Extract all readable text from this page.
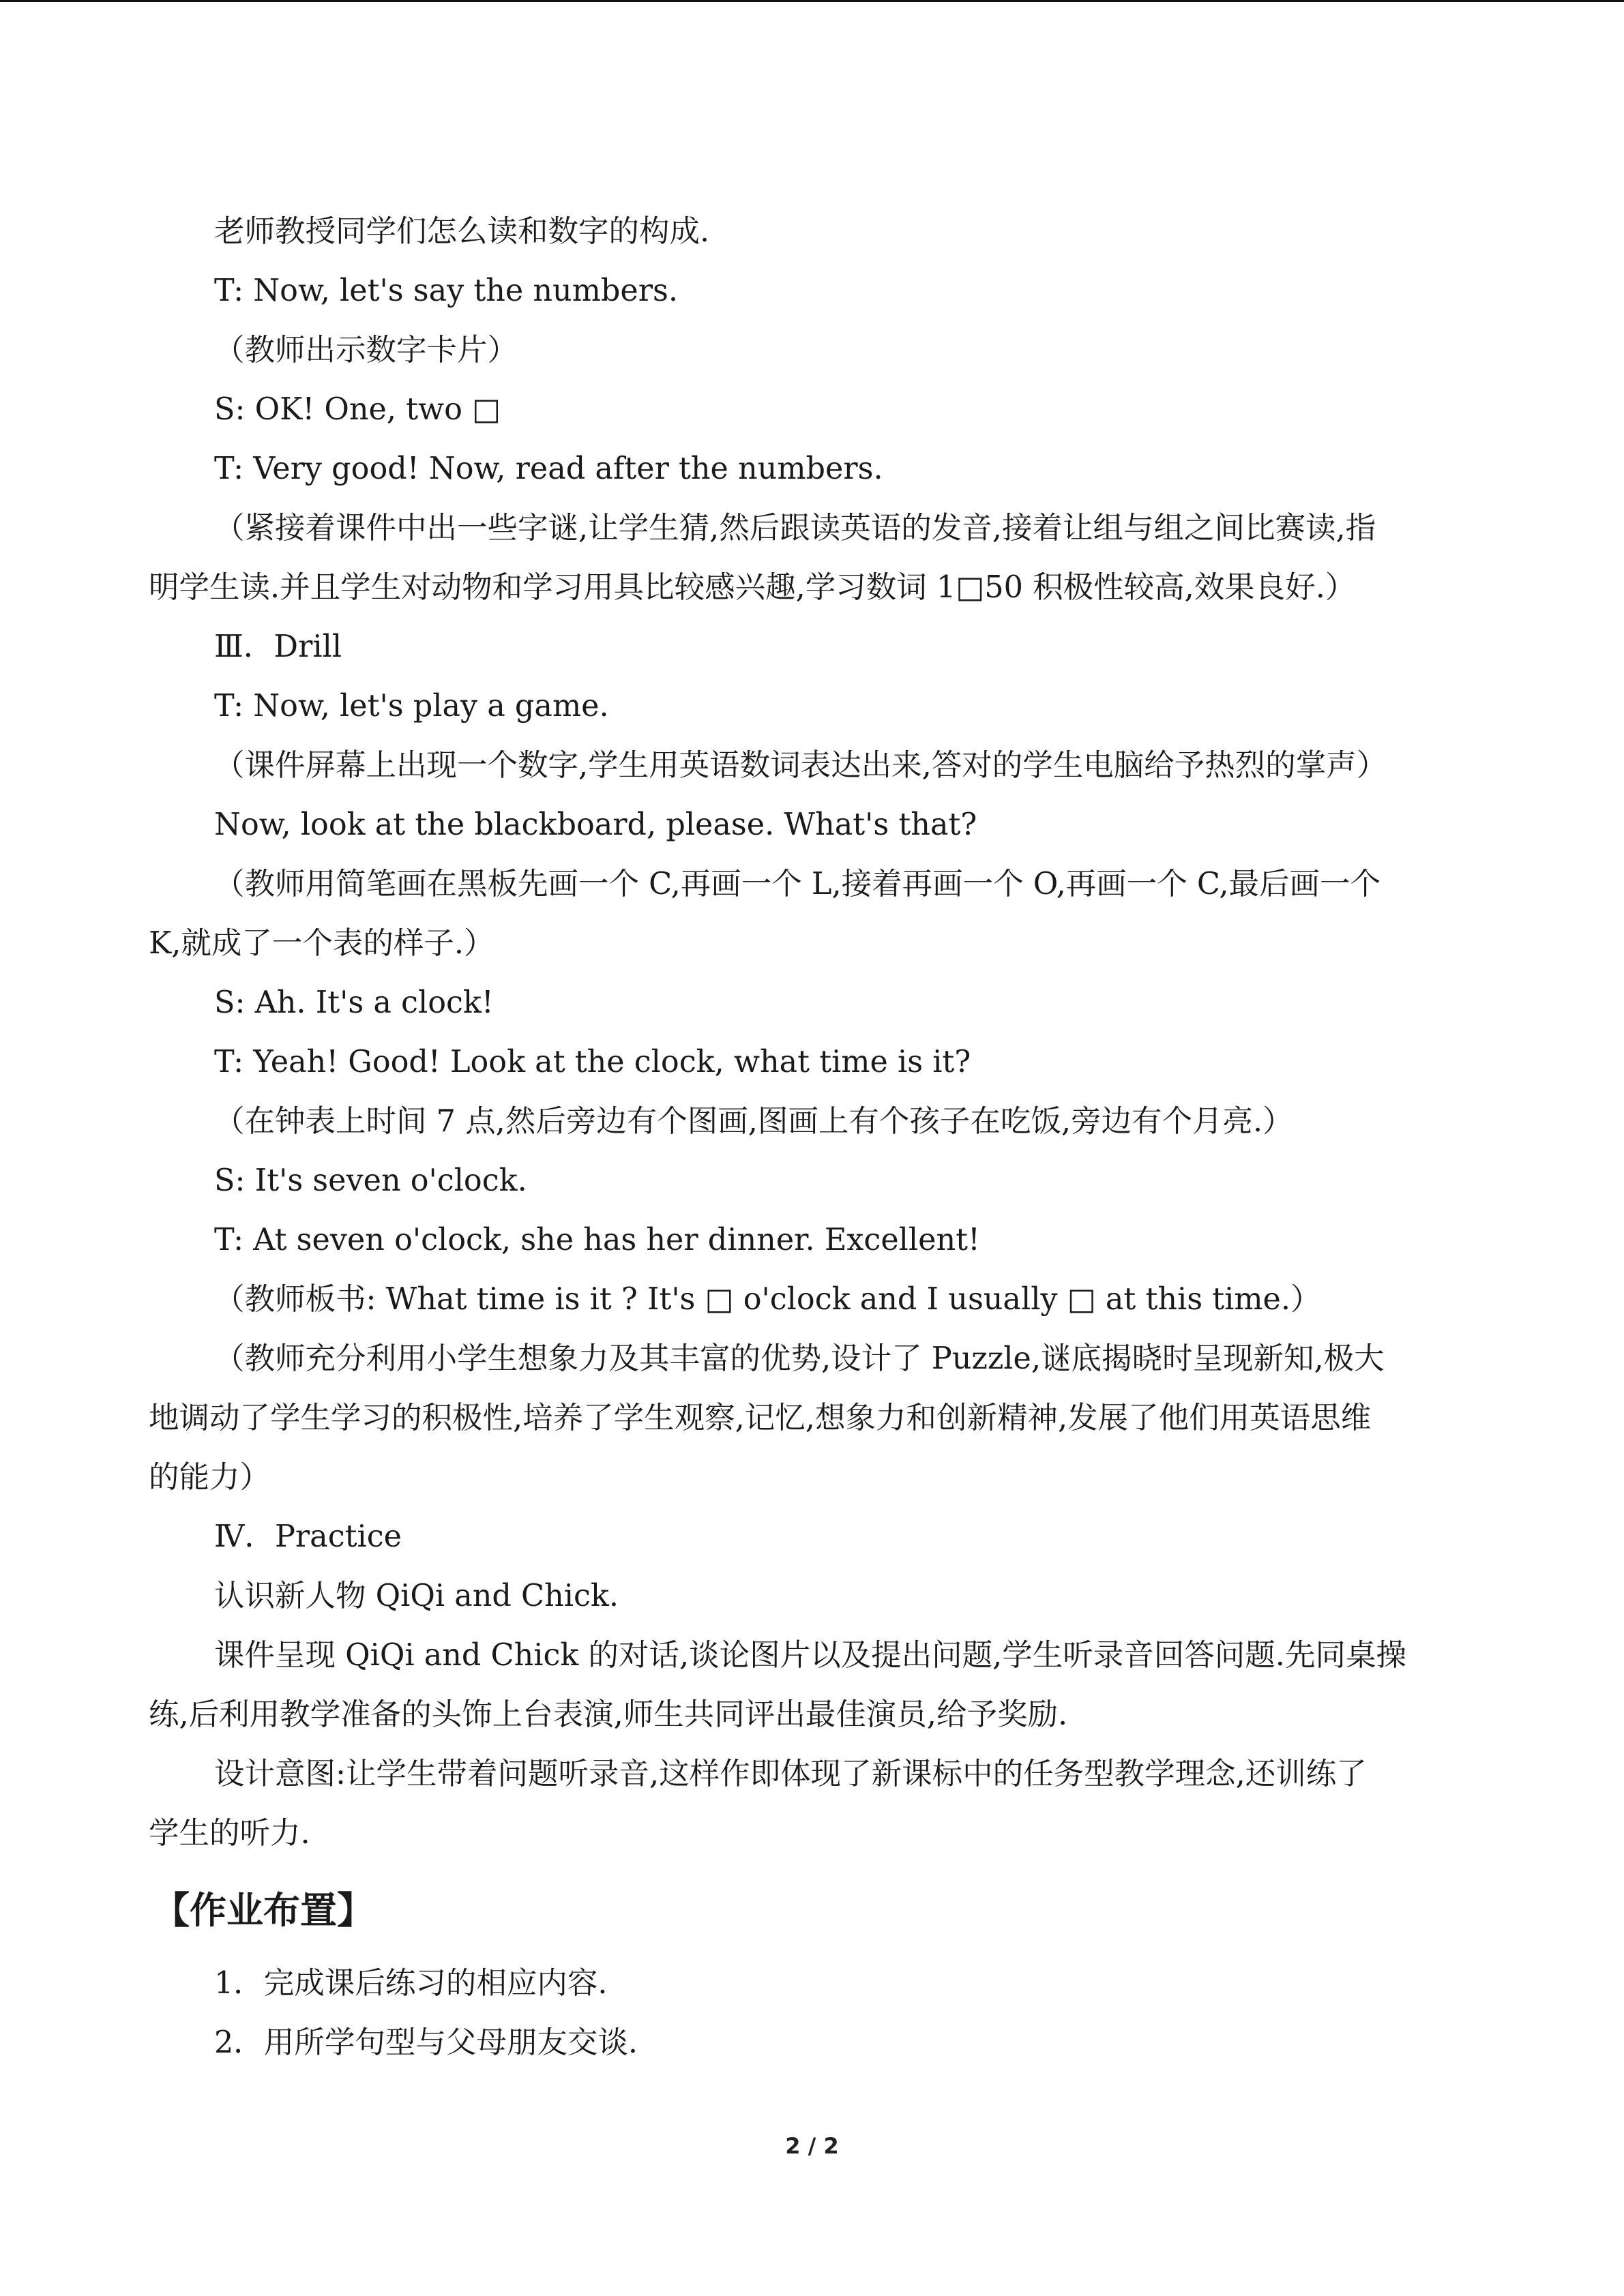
老师教授同学们怎么读和数字的构成.
T: Now, let's say the numbers.
（教师出示数字卡片）
S: OK! One, two □
T: Very good! Now, read after the numbers.
（紧接着课件中出一些字谜,让学生猜,然后跟读英语的发音,接着让组与组之间比赛读,指
明学生读.并且学生对动物和学习用具比较感兴趣,学习数词 1□50 积极性较高,效果良好.）
Ⅲ．Drill
T: Now, let's play a game.
（课件屏幕上出现一个数字,学生用英语数词表达出来,答对的学生电脑给予热烈的掌声）
Now, look at the blackboard, please. What's that?
（教师用简笔画在黑板先画一个 C,再画一个 L,接着再画一个 O,再画一个 C,最后画一个
K,就成了一个表的样子.）
S: Ah. It's a clock!
T: Yeah! Good! Look at the clock, what time is it?
（在钟表上时间 7 点,然后旁边有个图画,图画上有个孩子在吃饭,旁边有个月亮.）
S: It's seven o'clock.
T: At seven o'clock, she has her dinner. Excellent!
（教师板书: What time is it ? It's □ o'clock and I usually □ at this time.）
（教师充分利用小学生想象力及其丰富的优势,设计了 Puzzle,谜底揭晓时呈现新知,极大
地调动了学生学习的积极性,培养了学生观察,记忆,想象力和创新精神,发展了他们用英语思维
的能力）
Ⅳ．Practice
认识新人物 QiQi and Chick.
课件呈现 QiQi and Chick 的对话,谈论图片以及提出问题,学生听录音回答问题.先同桌操
练,后利用教学准备的头饰上台表演,师生共同评出最佳演员,给予奖励.
设计意图:让学生带着问题听录音,这样作即体现了新课标中的任务型教学理念,还训练了
学生的听力.
【作业布置】
1．完成课后练习的相应内容.
2．用所学句型与父母朋友交谈.
2 / 2
